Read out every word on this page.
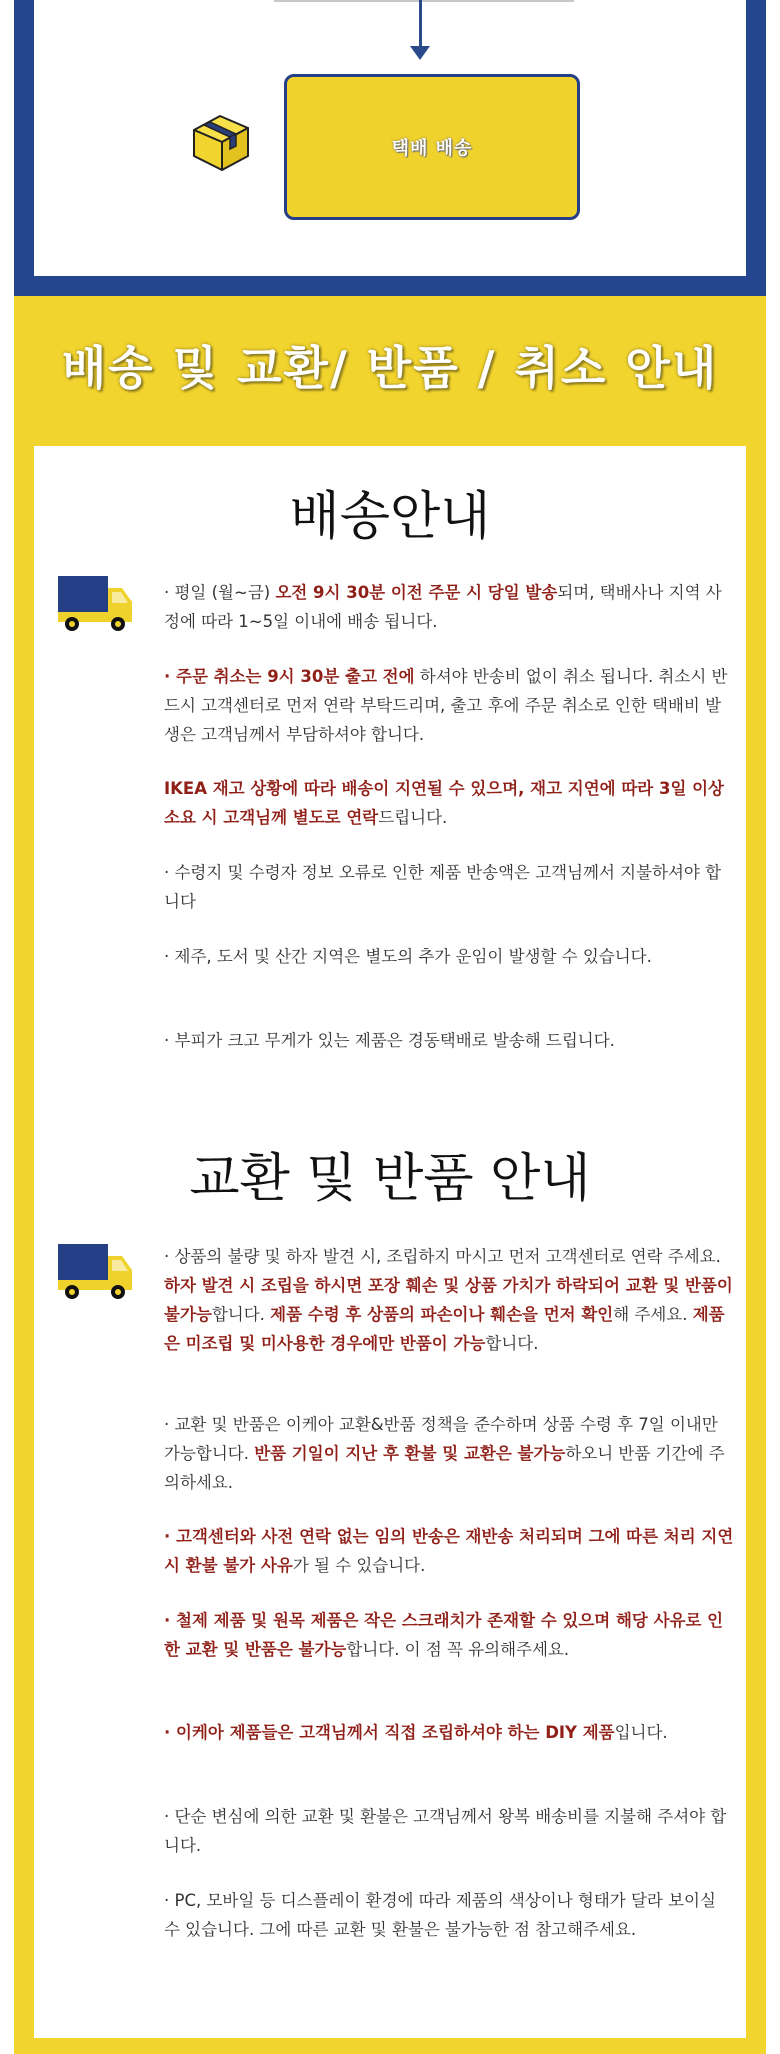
택배 배송
배송 및 교환/ 반품 / 취소 안내
배송안내

· 평일 (월~금) 오전 9시 30분 이전 주문 시 당일 발송되며, 택배사나 지역 사정에 따라 1~5일 이내에 배송 됩니다.

· 주문 취소는 9시 30분 출고 전에 하셔야 반송비 없이 취소 됩니다. 취소시 반드시 고객센터로 먼저 연락 부탁드리며, 출고 후에 주문 취소로 인한 택배비 발생은 고객님께서 부담하셔야 합니다.

IKEA 재고 상황에 따라 배송이 지연될 수 있으며, 재고 지연에 따라 3일 이상 소요 시 고객님께 별도로 연락드립니다.

· 수령지 및 수령자 정보 오류로 인한 제품 반송액은 고객님께서 지불하셔야 합니다

· 제주, 도서 및 산간 지역은 별도의 추가 운임이 발생할 수 있습니다.

· 부피가 크고 무게가 있는 제품은 경동택배로 발송해 드립니다.

교환 및 반품 안내

· 상품의 불량 및 하자 발견 시, 조립하지 마시고 먼저 고객센터로 연락 주세요. 하자 발견 시 조립을 하시면 포장 훼손 및 상품 가치가 하락되어 교환 및 반품이 불가능합니다. 제품 수령 후 상품의 파손이나 훼손을 먼저 확인해 주세요. 제품은 미조립 및 미사용한 경우에만 반품이 가능합니다.

· 교환 및 반품은 이케아 교환&반품 정책을 준수하며 상품 수령 후 7일 이내만 가능합니다. 반품 기일이 지난 후 환불 및 교환은 불가능하오니 반품 기간에 주의하세요.

· 고객센터와 사전 연락 없는 임의 반송은 재반송 처리되며 그에 따른 처리 지연시 환불 불가 사유가 될 수 있습니다.

· 철제 제품 및 원목 제품은 작은 스크래치가 존재할 수 있으며 해당 사유로 인한 교환 및 반품은 불가능합니다. 이 점 꼭 유의해주세요.

· 이케아 제품들은 고객님께서 직접 조립하셔야 하는 DIY 제품입니다.

· 단순 변심에 의한 교환 및 환불은 고객님께서 왕복 배송비를 지불해 주셔야 합니다.

· PC, 모바일 등 디스플레이 환경에 따라 제품의 색상이나 형태가 달라 보이실 수 있습니다. 그에 따른 교환 및 환불은 불가능한 점 참고해주세요.
